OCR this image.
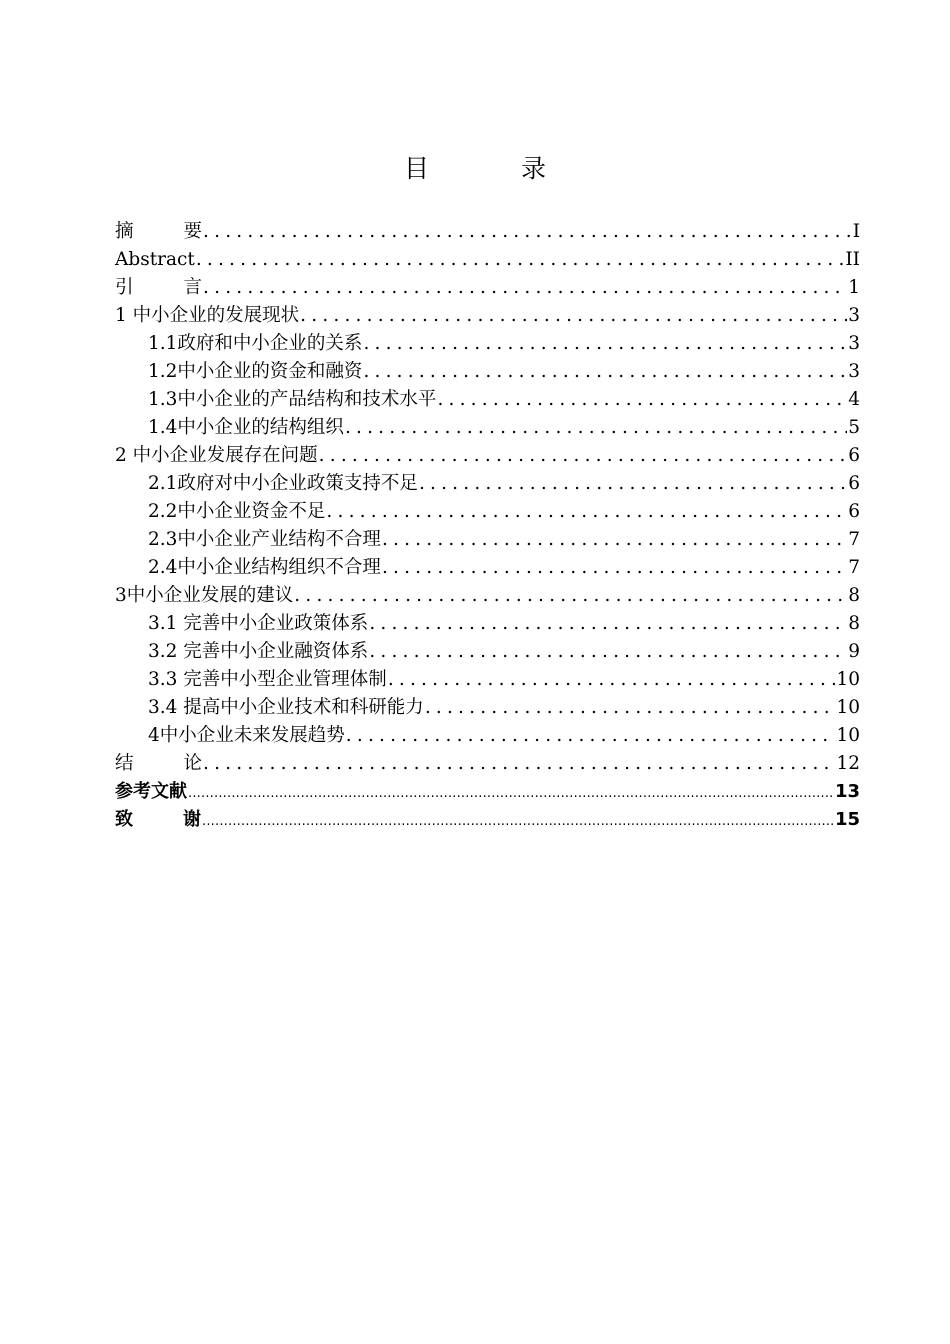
目 录
摘要 .....	I
Abstract .....	II
引言 .....	1
1 中小企业的发展现状 .....	3
1.1政府和中小企业的关系 .....	3
1.2中小企业的资金和融资 .....	3
1.3中小企业的产品结构和技术水平 .....	4
1.4中小企业的结构组织 .....	5
2 中小企业发展存在问题 .....	6
2.1政府对中小企业政策支持不足 .....	6
2.2中小企业资金不足 .....	6
2.3中小企业产业结构不合理 .....	7
2.4中小企业结构组织不合理 .....	7
3中小企业发展的建议 .....	8
3.1 完善中小企业政策体系 .....	8
3.2 完善中小企业融资体系 .....	9
3.3 完善中小型企业管理体制 .....	10
3.4 提高中小企业技术和科研能力 .....	10
4中小企业未来发展趋势 .....	10
结论 .....	12
参考文献 .....	13
致谢 .....	15
